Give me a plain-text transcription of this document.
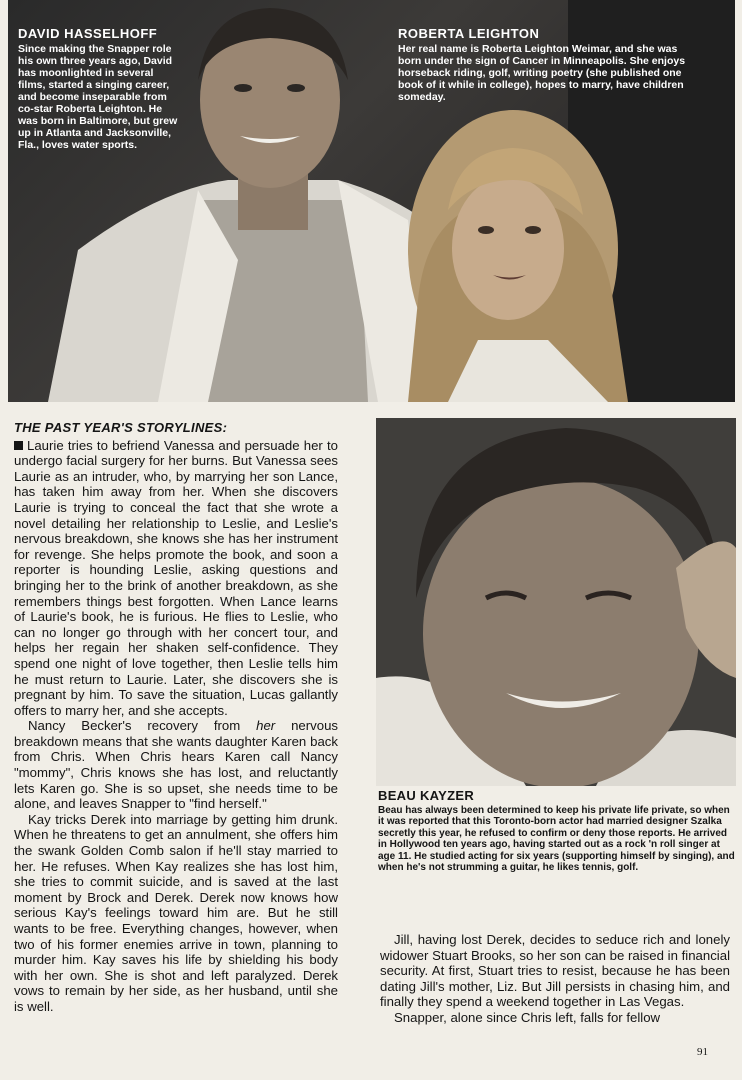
DAVID HASSELHOFF
Since making the Snapper role his own three years ago, David has moonlighted in several films, started a singing career, and become inseparable from co-star Roberta Leighton. He was born in Baltimore, but grew up in Atlanta and Jacksonville, Fla., loves water sports.
ROBERTA LEIGHTON
Her real name is Roberta Leighton Weimar, and she was born under the sign of Cancer in Minneapolis. She enjoys horseback riding, golf, writing poetry (she published one book of it while in college), hopes to marry, have children someday.
THE PAST YEAR'S STORYLINES:

Laurie tries to befriend Vanessa and persuade her to undergo facial surgery for her burns. But Vanessa sees Laurie as an intruder, who, by marrying her son Lance, has taken him away from her. When she discovers Laurie is trying to conceal the fact that she wrote a novel detailing her relationship to Leslie, and Leslie's nervous breakdown, she knows she has her instrument for revenge. She helps promote the book, and soon a reporter is hounding Leslie, asking questions and bringing her to the brink of another breakdown, as she remembers things best forgotten. When Lance learns of Laurie's book, he is furious. He flies to Leslie, who can no longer go through with her concert tour, and helps her regain her shaken self-confidence. They spend one night of love together, then Leslie tells him he must return to Laurie. Later, she discovers she is pregnant by him. To save the situation, Lucas gallantly offers to marry her, and she accepts.

Nancy Becker's recovery from her nervous breakdown means that she wants daughter Karen back from Chris. When Chris hears Karen call Nancy "mommy", Chris knows she has lost, and reluctantly lets Karen go. She is so upset, she needs time to be alone, and leaves Snapper to "find herself."

Kay tricks Derek into marriage by getting him drunk. When he threatens to get an annulment, she offers him the swank Golden Comb salon if he'll stay married to her. He refuses. When Kay realizes she has lost him, she tries to commit suicide, and is saved at the last moment by Brock and Derek. Derek now knows how serious Kay's feelings toward him are. But he still wants to be free. Everything changes, however, when two of his former enemies arrive in town, planning to murder him. Kay saves his life by shielding his body with her own. She is shot and left paralyzed. Derek vows to remain by her side, as her husband, until she is well.

BEAU KAYZER
Beau has always been determined to keep his private life private, so when it was reported that this Toronto-born actor had married designer Szalka secretly this year, he refused to confirm or deny those reports. He arrived in Hollywood ten years ago, having started out as a rock 'n roll singer at age 11. He studied acting for six years (supporting himself by singing), and when he's not strumming a guitar, he likes tennis, golf.

Jill, having lost Derek, decides to seduce rich and lonely widower Stuart Brooks, so her son can be raised in financial security. At first, Stuart tries to resist, because he has been dating Jill's mother, Liz. But Jill persists in chasing him, and finally they spend a weekend together in Las Vegas.

Snapper, alone since Chris left, falls for fellow

91
